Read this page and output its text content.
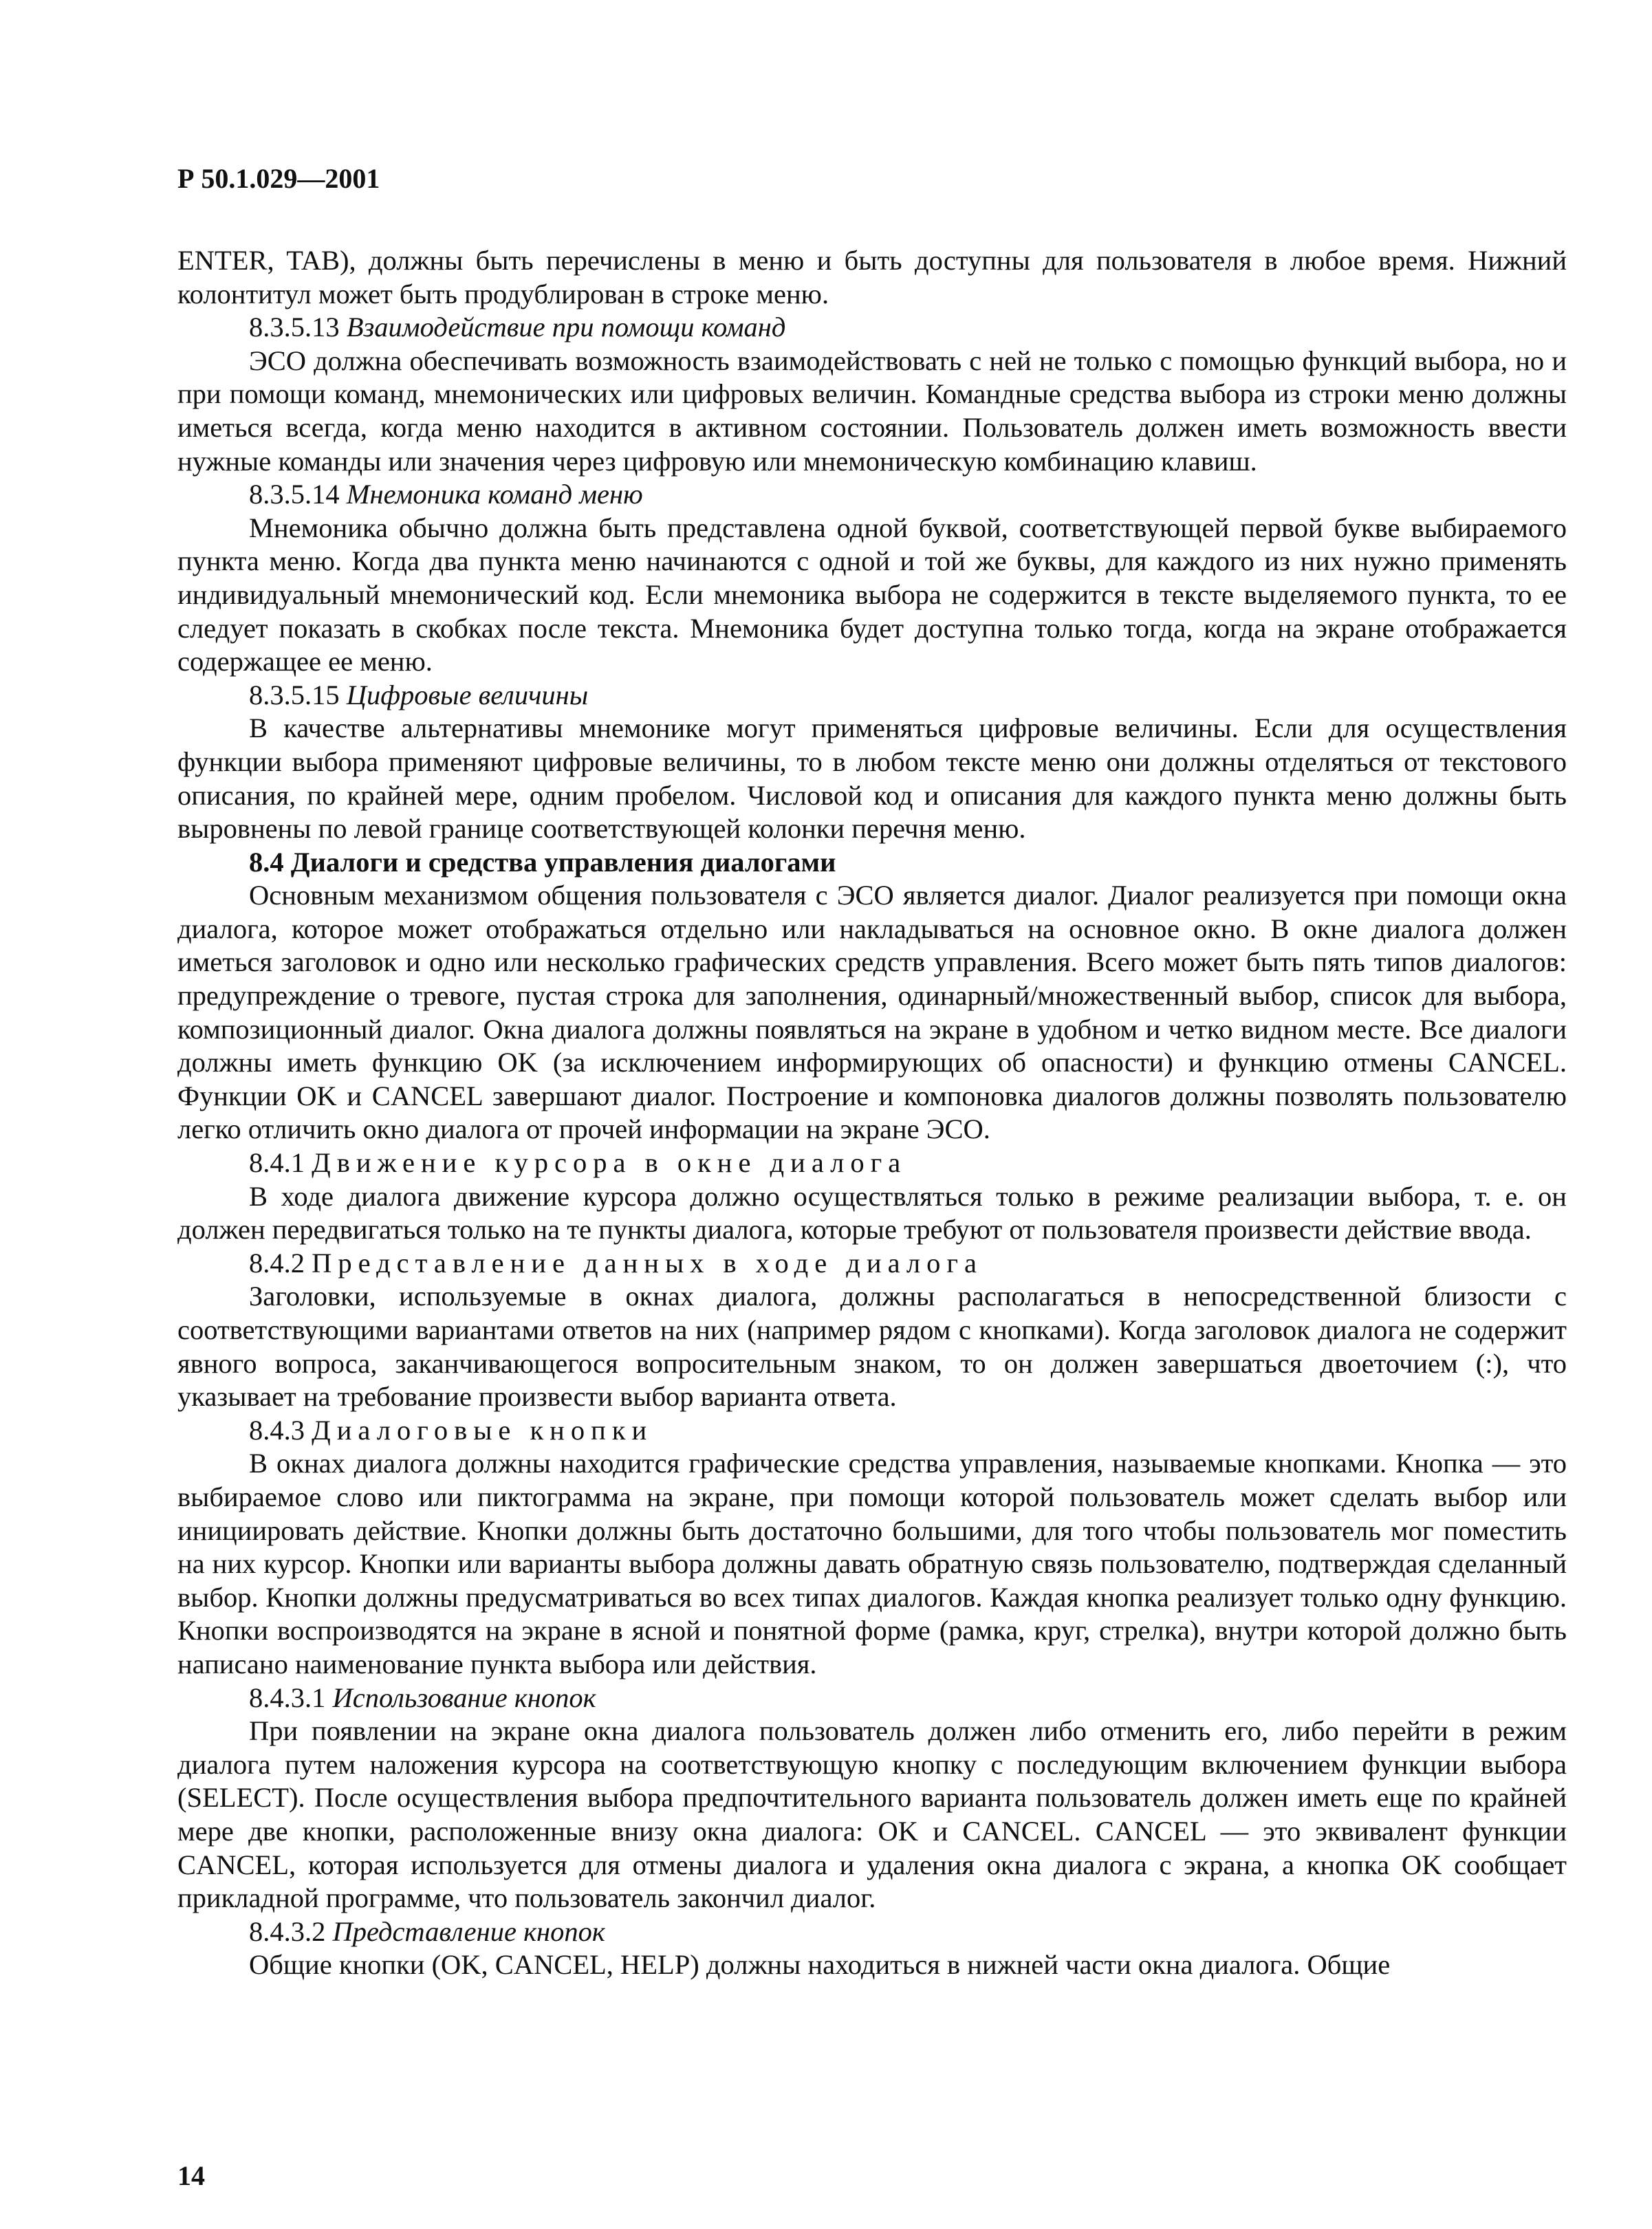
Р 50.1.029—2001

ENTER, TAB), должны быть перечислены в меню и быть доступны для пользователя в любое время. Нижний колонтитул может быть продублирован в строке меню.

8.3.5.13 Взаимодействие при помощи команд

ЭСО должна обеспечивать возможность взаимодействовать с ней не только с помощью функций выбора, но и при помощи команд, мнемонических или цифровых величин. Командные средства выбора из строки меню должны иметься всегда, когда меню находится в активном состоянии. Пользователь должен иметь возможность ввести нужные команды или значения через цифровую или мнемоническую комбинацию клавиш.

8.3.5.14 Мнемоника команд меню

Мнемоника обычно должна быть представлена одной буквой, соответствующей первой букве выбираемого пункта меню. Когда два пункта меню начинаются с одной и той же буквы, для каждого из них нужно применять индивидуальный мнемонический код. Если мнемоника выбора не содержится в тексте выделяемого пункта, то ее следует показать в скобках после текста. Мнемоника будет доступна только тогда, когда на экране отображается содержащее ее меню.

8.3.5.15 Цифровые величины

В качестве альтернативы мнемонике могут применяться цифровые величины. Если для осуществления функции выбора применяют цифровые величины, то в любом тексте меню они должны отделяться от текстового описания, по крайней мере, одним пробелом. Числовой код и описания для каждого пункта меню должны быть выровнены по левой границе соответствующей колонки перечня меню.

8.4 Диалоги и средства управления диалогами

Основным механизмом общения пользователя с ЭСО является диалог. Диалог реализуется при помощи окна диалога, которое может отображаться отдельно или накладываться на основное окно. В окне диалога должен иметься заголовок и одно или несколько графических средств управления. Всего может быть пять типов диалогов: предупреждение о тревоге, пустая строка для заполнения, одинарный/множественный выбор, список для выбора, композиционный диалог. Окна диалога должны появляться на экране в удобном и четко видном месте. Все диалоги должны иметь функцию OK (за исключением информирующих об опасности) и функцию отмены CANCEL. Функции OK и CANCEL завершают диалог. Построение и компоновка диалогов должны позволять пользователю легко отличить окно диалога от прочей информации на экране ЭСО.

8.4.1 Движение курсора в окне диалога

В ходе диалога движение курсора должно осуществляться только в режиме реализации выбора, т. е. он должен передвигаться только на те пункты диалога, которые требуют от пользователя произвести действие ввода.

8.4.2 Представление данных в ходе диалога

Заголовки, используемые в окнах диалога, должны располагаться в непосредственной близости с соответствующими вариантами ответов на них (например рядом с кнопками). Когда заголовок диалога не содержит явного вопроса, заканчивающегося вопросительным знаком, то он должен завершаться двоеточием (:), что указывает на требование произвести выбор варианта ответа.

8.4.3 Диалоговые кнопки

В окнах диалога должны находится графические средства управления, называемые кнопками. Кнопка — это выбираемое слово или пиктограмма на экране, при помощи которой пользователь может сделать выбор или инициировать действие. Кнопки должны быть достаточно большими, для того чтобы пользователь мог поместить на них курсор. Кнопки или варианты выбора должны давать обратную связь пользователю, подтверждая сделанный выбор. Кнопки должны предусматриваться во всех типах диалогов. Каждая кнопка реализует только одну функцию. Кнопки воспроизводятся на экране в ясной и понятной форме (рамка, круг, стрелка), внутри которой должно быть написано наименование пункта выбора или действия.

8.4.3.1 Использование кнопок

При появлении на экране окна диалога пользователь должен либо отменить его, либо перейти в режим диалога путем наложения курсора на соответствующую кнопку с последующим включением функции выбора (SELECT). После осуществления выбора предпочтительного варианта пользователь должен иметь еще по крайней мере две кнопки, расположенные внизу окна диалога: OK и CANCEL. CANCEL — это эквивалент функции CANCEL, которая используется для отмены диалога и удаления окна диалога с экрана, а кнопка OK сообщает прикладной программе, что пользователь закончил диалог.

8.4.3.2 Представление кнопок

Общие кнопки (OK, CANCEL, HELP) должны находиться в нижней части окна диалога. Общие

14
